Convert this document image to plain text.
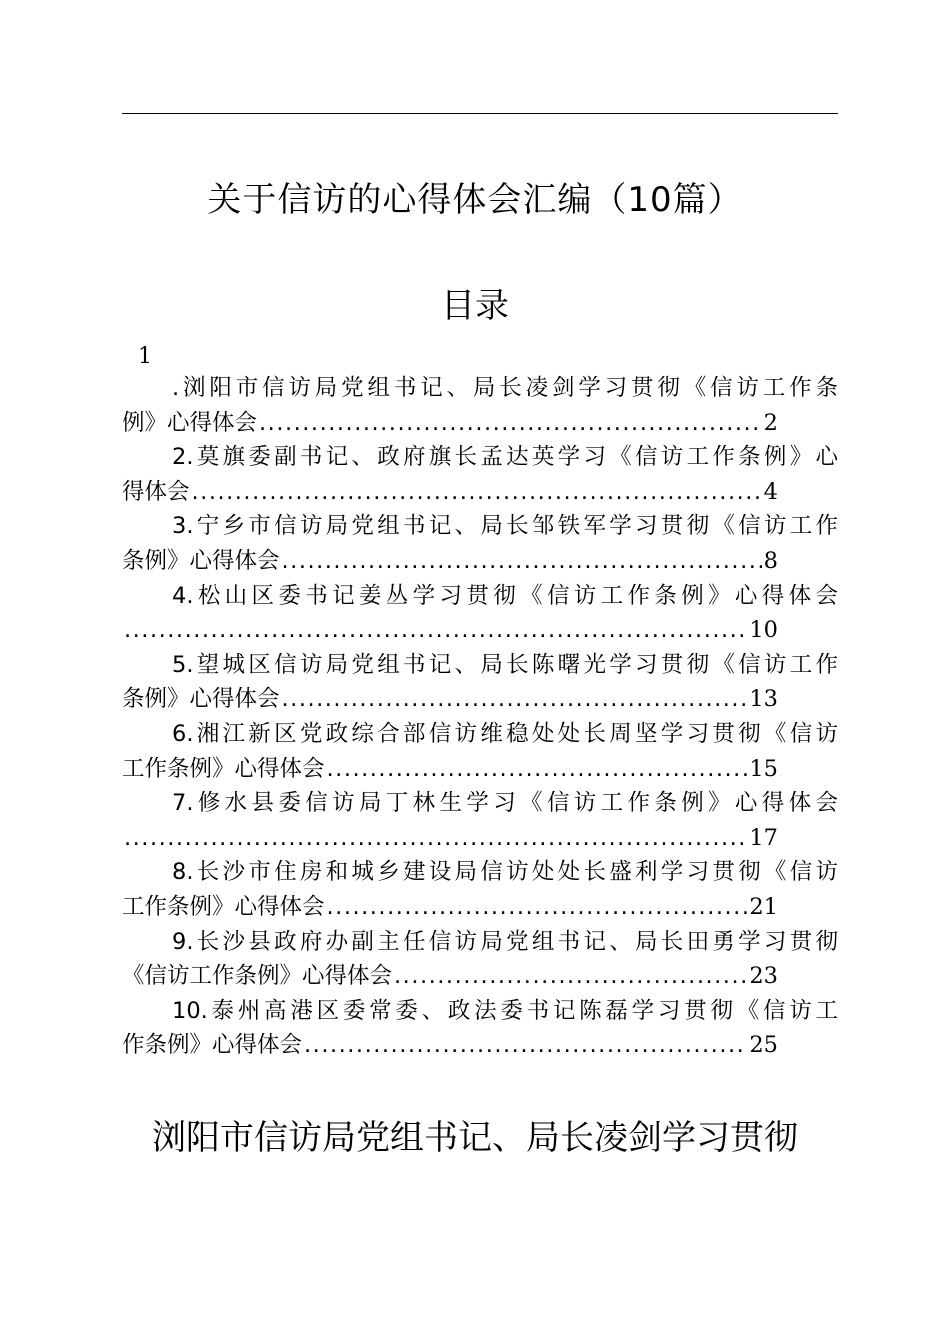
关于信访的心得体会汇编（10篇）
目录
1
.浏阳市信访局党组书记、局长凌剑学习贯彻《信访工作条
例》心得体会 .....	2
2.莫旗委副书记、政府旗长孟达英学习《信访工作条例》心
得体会 .....	4
3.宁乡市信访局党组书记、局长邹铁军学习贯彻《信访工作
条例》心得体会 .....	8
4.松山区委书记姜丛学习贯彻《信访工作条例》心得体会
.....
10
5.望城区信访局党组书记、局长陈曙光学习贯彻《信访工作
条例》心得体会 .....	13
6.湘江新区党政综合部信访维稳处处长周坚学习贯彻《信访
工作条例》心得体会 .....	15
7.修水县委信访局丁林生学习《信访工作条例》心得体会
.....
17
8.长沙市住房和城乡建设局信访处处长盛利学习贯彻《信访
工作条例》心得体会 .....	21
9.长沙县政府办副主任信访局党组书记、局长田勇学习贯彻
《信访工作条例》心得体会 .....	23
10.泰州高港区委常委、政法委书记陈磊学习贯彻《信访工
作条例》心得体会 .....	25
浏阳市信访局党组书记、局长凌剑学习贯彻
